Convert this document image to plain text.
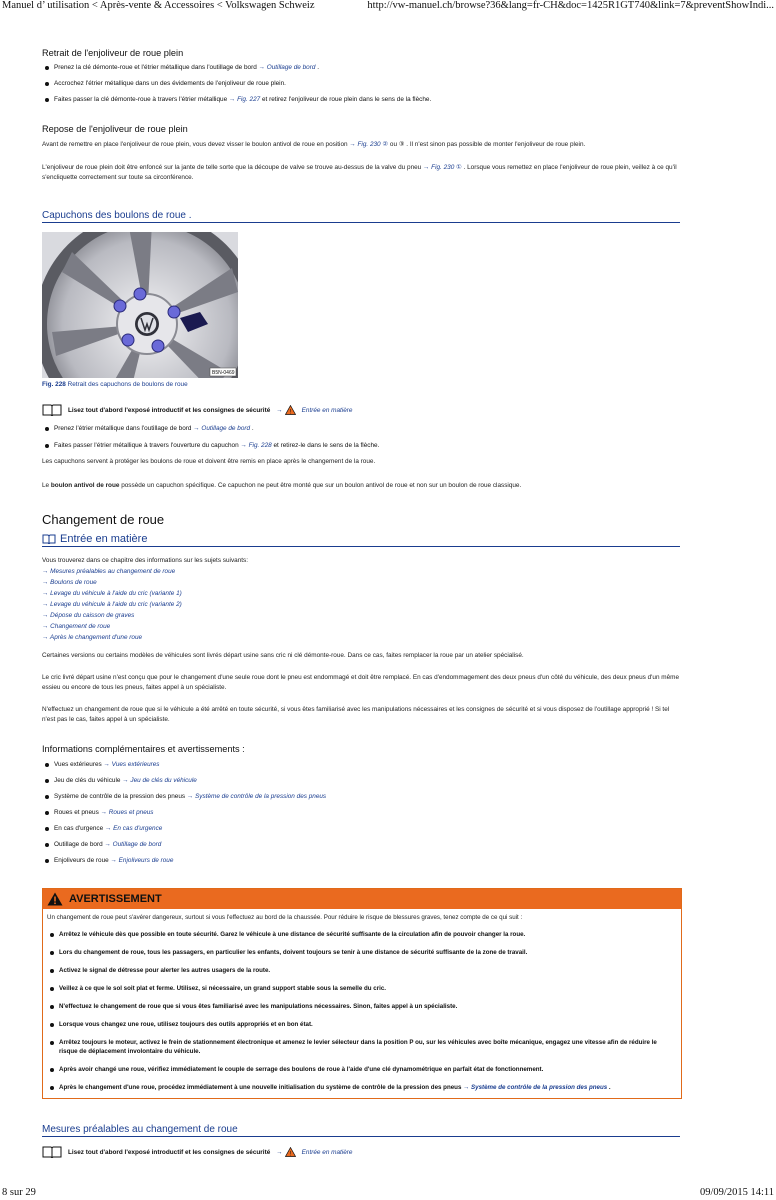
Manuel d’ utilisation < Après-vente & Accessoires < Volkswagen Schweiz	http://vw-manuel.ch/browse?36&lang=fr-CH&doc=1425R1GT740&link=7&preventShowIndi...
8 sur 29	09/09/2015 14:11
Retrait de l'enjoliveur de roue plein
Prenez la clé démonte-roue et l'étrier métallique dans l'outillage de bord → Outillage de bord .
Accrochez l'étrier métallique dans un des évidements de l'enjoliveur de roue plein.
Faites passer la clé démonte-roue à travers l'étrier métallique → Fig. 227 et retirez l'enjoliveur de roue plein dans le sens de la flèche.
Repose de l'enjoliveur de roue plein
Avant de remettre en place l'enjoliveur de roue plein, vous devez visser le boulon antivol de roue en position → Fig. 230 ② ou ③ . Il n'est sinon pas possible de monter l'enjoliveur de roue plein.
L'enjoliveur de roue plein doit être enfoncé sur la jante de telle sorte que la découpe de valve se trouve au-dessus de la valve du pneu → Fig. 230 ① . Lorsque vous remettez en place l'enjoliveur de roue plein, veillez à ce qu'il s'encliquette correctement sur toute sa circonférence.
Capuchons des boulons de roue .
B5N-0469
Fig. 228 Retrait des capuchons de boulons de roue
Lisez tout d'abord l'exposé introductif et les consignes de sécurité → ! Entrée en matière
Prenez l'étrier métallique dans l'outillage de bord → Outillage de bord .
Faites passer l'étrier métallique à travers l'ouverture du capuchon → Fig. 228 et retirez-le dans le sens de la flèche.
Les capuchons servent à protéger les boulons de roue et doivent être remis en place après le changement de la roue.
Le boulon antivol de roue possède un capuchon spécifique. Ce capuchon ne peut être monté que sur un boulon antivol de roue et non sur un boulon de roue classique.
Changement de roue
Entrée en matière
Vous trouverez dans ce chapitre des informations sur les sujets suivants:
→ Mesures préalables au changement de roue
→ Boulons de roue
→ Levage du véhicule à l'aide du cric (variante 1)
→ Levage du véhicule à l'aide du cric (variante 2)
→ Dépose du caisson de graves
→ Changement de roue
→ Après le changement d'une roue
Certaines versions ou certains modèles de véhicules sont livrés départ usine sans cric ni clé démonte-roue. Dans ce cas, faites remplacer la roue par un atelier spécialisé.
Le cric livré départ usine n'est conçu que pour le changement d'une seule roue dont le pneu est endommagé et doit être remplacé. En cas d'endommagement des deux pneus d'un côté du véhicule, des deux pneus d'un même essieu ou encore de tous les pneus, faites appel à un spécialiste.
N'effectuez un changement de roue que si le véhicule a été arrêté en toute sécurité, si vous êtes familiarisé avec les manipulations nécessaires et les consignes de sécurité et si vous disposez de l'outillage approprié ! Si tel n'est pas le cas, faites appel à un spécialiste.
Informations complémentaires et avertissements :
Vues extérieures → Vues extérieures
Jeu de clés du véhicule → Jeu de clés du véhicule
Système de contrôle de la pression des pneus → Système de contrôle de la pression des pneus
Roues et pneus → Roues et pneus
En cas d'urgence → En cas d'urgence
Outillage de bord → Outillage de bord
Enjoliveurs de roue → Enjoliveurs de roue
AVERTISSEMENT
Un changement de roue peut s'avérer dangereux, surtout si vous l'effectuez au bord de la chaussée. Pour réduire le risque de blessures graves, tenez compte de ce qui suit :
Arrêtez le véhicule dès que possible en toute sécurité. Garez le véhicule à une distance de sécurité suffisante de la circulation afin de pouvoir changer la roue.
Lors du changement de roue, tous les passagers, en particulier les enfants, doivent toujours se tenir à une distance de sécurité suffisante de la zone de travail.
Activez le signal de détresse pour alerter les autres usagers de la route.
Veillez à ce que le sol soit plat et ferme. Utilisez, si nécessaire, un grand support stable sous la semelle du cric.
N'effectuez le changement de roue que si vous êtes familiarisé avec les manipulations nécessaires. Sinon, faites appel à un spécialiste.
Lorsque vous changez une roue, utilisez toujours des outils appropriés et en bon état.
Arrêtez toujours le moteur, activez le frein de stationnement électronique et amenez le levier sélecteur dans la position P ou, sur les véhicules avec boîte mécanique, engagez une vitesse afin de réduire le risque de déplacement involontaire du véhicule.
Après avoir changé une roue, vérifiez immédiatement le couple de serrage des boulons de roue à l'aide d'une clé dynamométrique en parfait état de fonctionnement.
Après le changement d'une roue, procédez immédiatement à une nouvelle initialisation du système de contrôle de la pression des pneus → Système de contrôle de la pression des pneus .
Mesures préalables au changement de roue
Lisez tout d'abord l'exposé introductif et les consignes de sécurité → ! Entrée en matière
